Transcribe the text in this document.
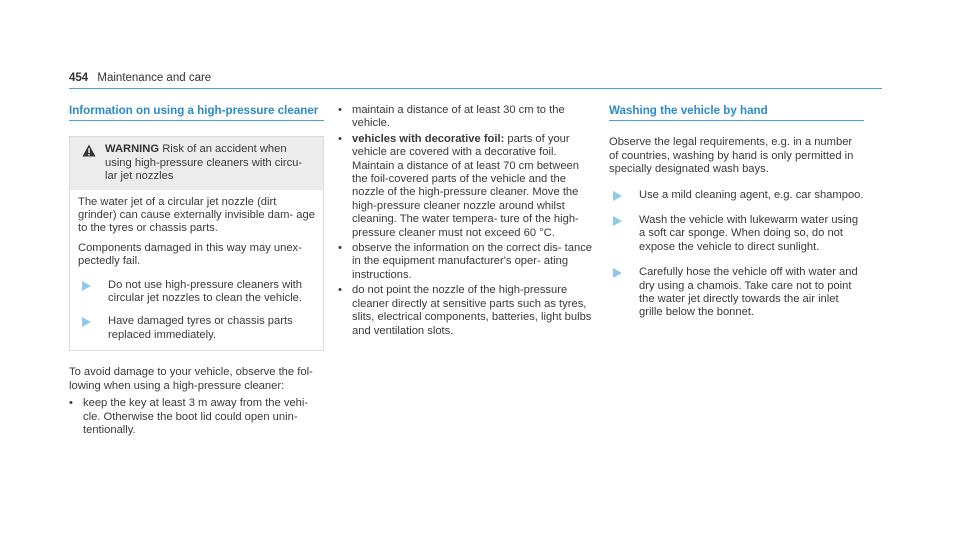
454 Maintenance and care
Information on using a high-pressure cleaner
WARNING Risk of an accident when using high-pressure cleaners with circu- lar jet nozzles

The water jet of a circular jet nozzle (dirt grinder) can cause externally invisible dam- age to the tyres or chassis parts.

Components damaged in this way may unex- pectedly fail.

Do not use high-pressure cleaners with circular jet nozzles to clean the vehicle.
Have damaged tyres or chassis parts replaced immediately.

To avoid damage to your vehicle, observe the fol- lowing when using a high-pressure cleaner:

• keep the key at least 3 m away from the vehi- cle. Otherwise the boot lid could open unin- tentionally.
• maintain a distance of at least 30 cm to the vehicle.
• vehicles with decorative foil: parts of your vehicle are covered with a decorative foil. Maintain a distance of at least 70 cm between the foil-covered parts of the vehicle and the nozzle of the high-pressure cleaner. Move the high-pressure cleaner nozzle around whilst cleaning. The water tempera- ture of the high-pressure cleaner must not exceed 60 °C.
• observe the information on the correct dis- tance in the equipment manufacturer's oper- ating instructions.
• do not point the nozzle of the high-pressure cleaner directly at sensitive parts such as tyres, slits, electrical components, batteries, light bulbs and ventilation slots.
Washing the vehicle by hand

Observe the legal requirements, e.g. in a number of countries, washing by hand is only permitted in specially designated wash bays.

Use a mild cleaning agent, e.g. car shampoo.
Wash the vehicle with lukewarm water using a soft car sponge. When doing so, do not expose the vehicle to direct sunlight.
Carefully hose the vehicle off with water and dry using a chamois. Take care not to point the water jet directly towards the air inlet grille below the bonnet.
